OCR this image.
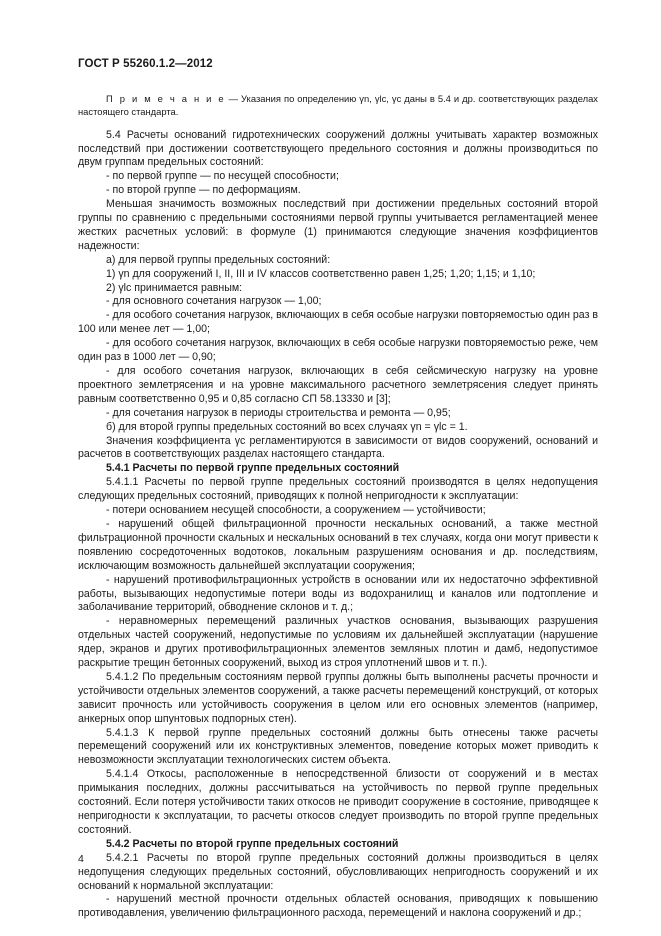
ГОСТ Р 55260.1.2—2012

П р и м е ч а н и е — Указания по определению γn, γlc, γc даны в 5.4 и др. соответствующих разделах настоящего стандарта.

5.4 Расчеты оснований гидротехнических сооружений должны учитывать характер возможных последствий при достижении соответствующего предельного состояния и должны производиться по двум группам предельных состояний:

- по первой группе — по несущей способности;

- по второй группе — по деформациям.

Меньшая значимость возможных последствий при достижении предельных состояний второй группы по сравнению с предельными состояниями первой группы учитывается регламентацией менее жестких расчетных условий: в формуле (1) принимаются следующие значения коэффициентов надежности:

а) для первой группы предельных состояний:

1) γn для сооружений I, II, III и IV классов соответственно равен 1,25; 1,20; 1,15; и 1,10;

2) γlc принимается равным:

- для основного сочетания нагрузок — 1,00;

- для особого сочетания нагрузок, включающих в себя особые нагрузки повторяемостью один раз в 100 или менее лет — 1,00;

- для особого сочетания нагрузок, включающих в себя особые нагрузки повторяемостью реже, чем один раз в 1000 лет — 0,90;

- для особого сочетания нагрузок, включающих в себя сейсмическую нагрузку на уровне проектного землетрясения и на уровне максимального расчетного землетрясения следует принять равным соответственно 0,95 и 0,85 согласно СП 58.13330 и [3];

- для сочетания нагрузок в периоды строительства и ремонта — 0,95;

б) для второй группы предельных состояний во всех случаях γn = γlc = 1.

Значения коэффициента γc регламентируются в зависимости от видов сооружений, оснований и расчетов в соответствующих разделах настоящего стандарта.

5.4.1 Расчеты по первой группе предельных состояний

5.4.1.1 Расчеты по первой группе предельных состояний производятся в целях недопущения следующих предельных состояний, приводящих к полной непригодности к эксплуатации:

- потери основанием несущей способности, а сооружением — устойчивости;

- нарушений общей фильтрационной прочности нескальных оснований, а также местной фильтрационной прочности скальных и нескальных оснований в тех случаях, когда они могут привести к появлению сосредоточенных водотоков, локальным разрушениям основания и др. последствиям, исключающим возможность дальнейшей эксплуатации сооружения;

- нарушений противофильтрационных устройств в основании или их недостаточно эффективной работы, вызывающих недопустимые потери воды из водохранилищ и каналов или подтопление и заболачивание территорий, обводнение склонов и т. д.;

- неравномерных перемещений различных участков основания, вызывающих разрушения отдельных частей сооружений, недопустимые по условиям их дальнейшей эксплуатации (нарушение ядер, экранов и других противофильтрационных элементов земляных плотин и дамб, недопустимое раскрытие трещин бетонных сооружений, выход из строя уплотнений швов и т. п.).

5.4.1.2 По предельным состояниям первой группы должны быть выполнены расчеты прочности и устойчивости отдельных элементов сооружений, а также расчеты перемещений конструкций, от которых зависит прочность или устойчивость сооружения в целом или его основных элементов (например, анкерных опор шпунтовых подпорных стен).

5.4.1.3 К первой группе предельных состояний должны быть отнесены также расчеты перемещений сооружений или их конструктивных элементов, поведение которых может приводить к невозможности эксплуатации технологических систем объекта.

5.4.1.4 Откосы, расположенные в непосредственной близости от сооружений и в местах примыкания последних, должны рассчитываться на устойчивость по первой группе предельных состояний. Если потеря устойчивости таких откосов не приводит сооружение в состояние, приводящее к непригодности к эксплуатации, то расчеты откосов следует производить по второй группе предельных состояний.

5.4.2 Расчеты по второй группе предельных состояний

5.4.2.1 Расчеты по второй группе предельных состояний должны производиться в целях недопущения следующих предельных состояний, обусловливающих непригодность сооружений и их оснований к нормальной эксплуатации:

- нарушений местной прочности отдельных областей основания, приводящих к повышению противодавления, увеличению фильтрационного расхода, перемещений и наклона сооружений и др.;

4
